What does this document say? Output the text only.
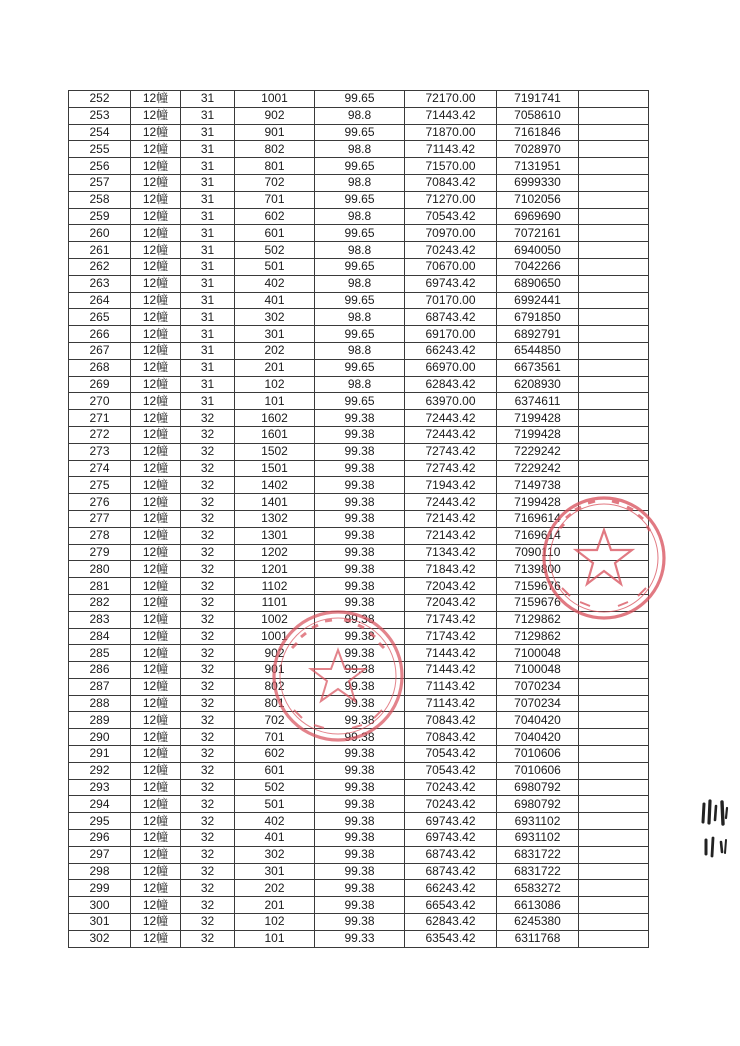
252	12幢	31	1001	99.65	72170.00	7191741	
253	12幢	31	902	98.8	71443.42	7058610	
254	12幢	31	901	99.65	71870.00	7161846	
255	12幢	31	802	98.8	71143.42	7028970	
256	12幢	31	801	99.65	71570.00	7131951	
257	12幢	31	702	98.8	70843.42	6999330	
258	12幢	31	701	99.65	71270.00	7102056	
259	12幢	31	602	98.8	70543.42	6969690	
260	12幢	31	601	99.65	70970.00	7072161	
261	12幢	31	502	98.8	70243.42	6940050	
262	12幢	31	501	99.65	70670.00	7042266	
263	12幢	31	402	98.8	69743.42	6890650	
264	12幢	31	401	99.65	70170.00	6992441	
265	12幢	31	302	98.8	68743.42	6791850	
266	12幢	31	301	99.65	69170.00	6892791	
267	12幢	31	202	98.8	66243.42	6544850	
268	12幢	31	201	99.65	66970.00	6673561	
269	12幢	31	102	98.8	62843.42	6208930	
270	12幢	31	101	99.65	63970.00	6374611	
271	12幢	32	1602	99.38	72443.42	7199428	
272	12幢	32	1601	99.38	72443.42	7199428	
273	12幢	32	1502	99.38	72743.42	7229242	
274	12幢	32	1501	99.38	72743.42	7229242	
275	12幢	32	1402	99.38	71943.42	7149738	
276	12幢	32	1401	99.38	72443.42	7199428	
277	12幢	32	1302	99.38	72143.42	7169614	
278	12幢	32	1301	99.38	72143.42	7169614	
279	12幢	32	1202	99.38	71343.42	7090110	
280	12幢	32	1201	99.38	71843.42	7139800	
281	12幢	32	1102	99.38	72043.42	7159676	
282	12幢	32	1101	99.38	72043.42	7159676	
283	12幢	32	1002	99.38	71743.42	7129862	
284	12幢	32	1001	99.38	71743.42	7129862	
285	12幢	32	902	99.38	71443.42	7100048	
286	12幢	32	901	99.38	71443.42	7100048	
287	12幢	32	802	99.38	71143.42	7070234	
288	12幢	32	801	99.38	71143.42	7070234	
289	12幢	32	702	99.38	70843.42	7040420	
290	12幢	32	701	99.38	70843.42	7040420	
291	12幢	32	602	99.38	70543.42	7010606	
292	12幢	32	601	99.38	70543.42	7010606	
293	12幢	32	502	99.38	70243.42	6980792	
294	12幢	32	501	99.38	70243.42	6980792	
295	12幢	32	402	99.38	69743.42	6931102	
296	12幢	32	401	99.38	69743.42	6931102	
297	12幢	32	302	99.38	68743.42	6831722	
298	12幢	32	301	99.38	68743.42	6831722	
299	12幢	32	202	99.38	66243.42	6583272	
300	12幢	32	201	99.38	66543.42	6613086	
301	12幢	32	102	99.38	62843.42	6245380	
302	12幢	32	101	99.33	63543.42	6311768	
